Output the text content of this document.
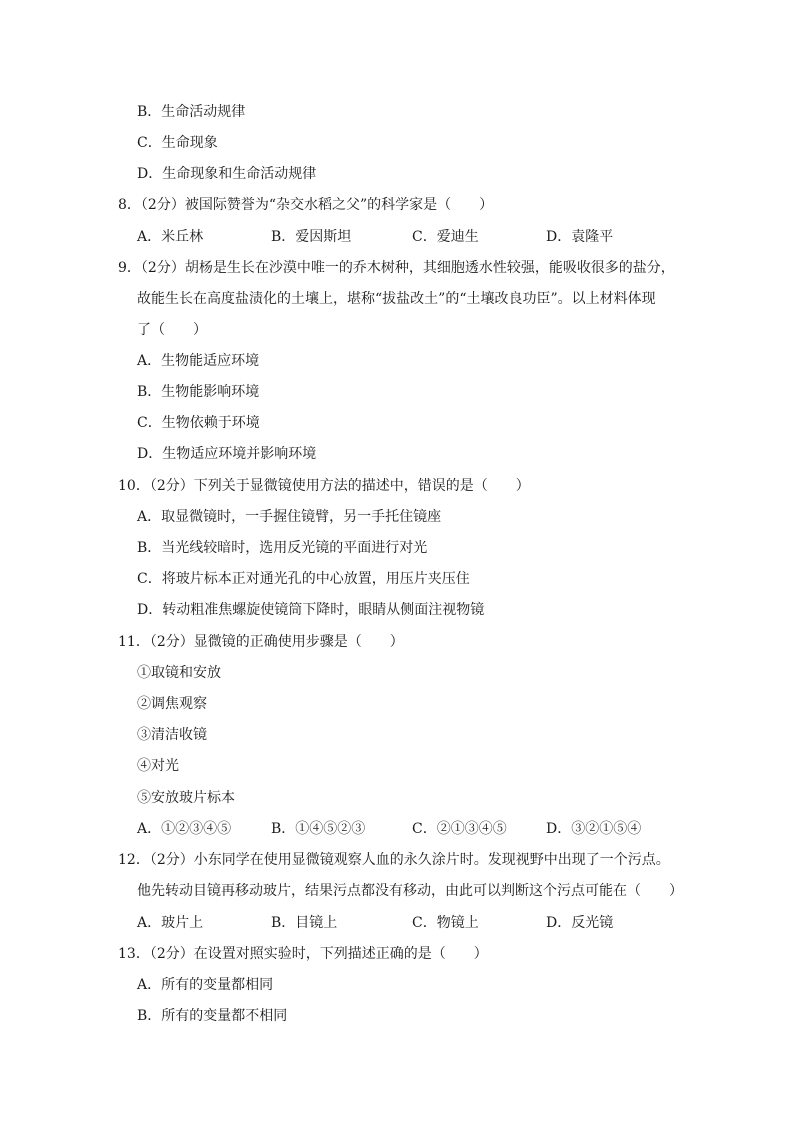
B．生命活动规律
C．生命现象
D．生命现象和生命活动规律
8．（2分）被国际赞誉为“杂交水稻之父”的科学家是（　　）
A．米丘林	B．爱因斯坦	C．爱迪生	D．袁隆平
9．（2分）胡杨是生长在沙漠中唯一的乔木树种，其细胞透水性较强，能吸收很多的盐分，
故能生长在高度盐渍化的土壤上，堪称“拔盐改土”的“土壤改良功臣”。以上材料体现
了（　　）
A．生物能适应环境
B．生物能影响环境
C．生物依赖于环境
D．生物适应环境并影响环境
10．（2分）下列关于显微镜使用方法的描述中，错误的是（　　）
A．取显微镜时，一手握住镜臂，另一手托住镜座
B．当光线较暗时，选用反光镜的平面进行对光
C．将玻片标本正对通光孔的中心放置，用压片夹压住
D．转动粗准焦螺旋使镜筒下降时，眼睛从侧面注视物镜
11．（2分）显微镜的正确使用步骤是（　　）
①取镜和安放
②调焦观察
③清洁收镜
④对光
⑤安放玻片标本
A．①②③④⑤	B．①④⑤②③	C．②①③④⑤	D．③②①⑤④
12．（2分）小东同学在使用显微镜观察人血的永久涂片时。发现视野中出现了一个污点。
他先转动目镜再移动玻片，结果污点都没有移动，由此可以判断这个污点可能在（　　）
A．玻片上	B．目镜上	C．物镜上	D．反光镜
13．（2分）在设置对照实验时，下列描述正确的是（　　）
A．所有的变量都相同
B．所有的变量都不相同
